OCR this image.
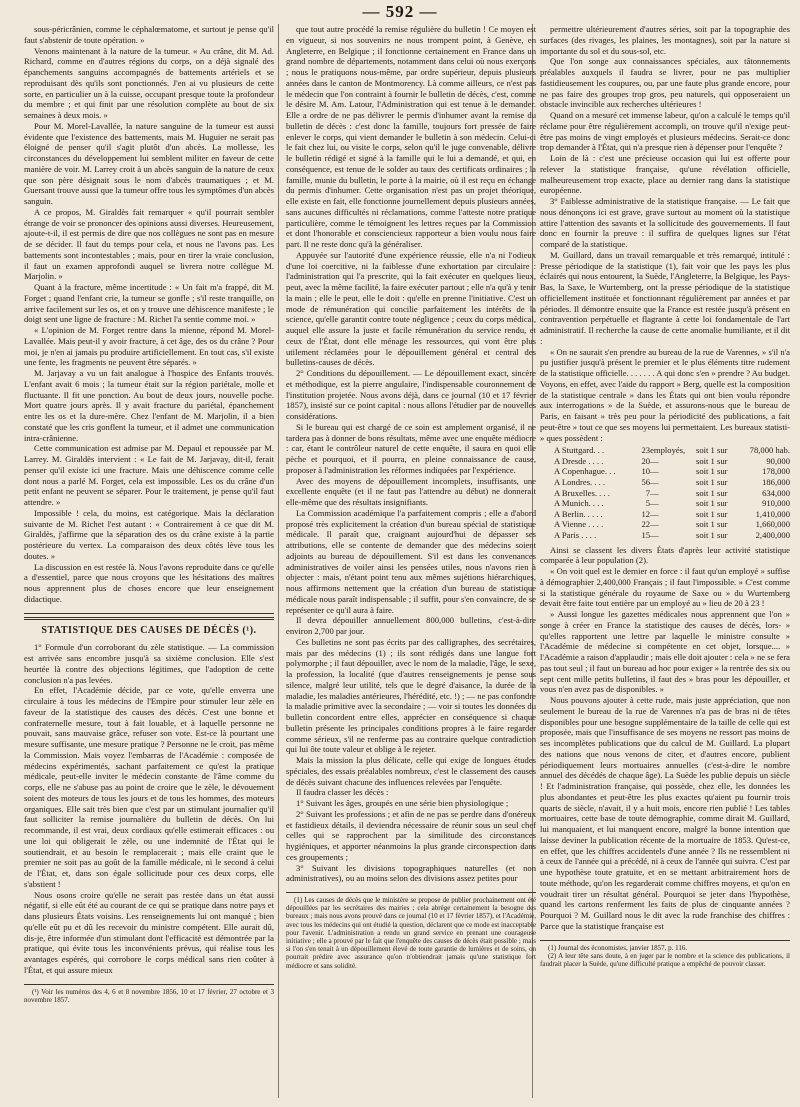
— 592 —

sous-péricrânien, comme le céphalœmatome, et surtout je pense qu'il faut s'abstenir de toute opération. »

Venons maintenant à la nature de la tumeur. « Au crâne, dit M. Ad. Richard, comme en d'autres régions du corps, on a déjà signalé des épanchements sanguins accompagnés de battements artériels et se reproduisant dès qu'ils sont ponctionnés. J'en ai vu plusieurs de cette sorte, en particulier un à la cuisse, occupant presque toute la profondeur du membre ; et qui finit par une résolution complète au bout de six semaines à deux mois. »

Pour M. Morel-Lavallée, la nature sanguine de la tumeur est aussi évidente que l'existence des battements, mais M. Huguier ne serait pas éloigné de penser qu'il s'agit plutôt d'un abcès. La mollesse, les circonstances du développement lui semblent militer en faveur de cette manière de voir. M. Larrey croit à un abcès sanguin de la nature de ceux que son père désignait sous le nom d'abcès traumatiques ; et M. Guersant trouve aussi que la tumeur offre tous les symptômes d'un abcès sanguin.

A ce propos, M. Giraldès fait remarquer « qu'il pourrait sembler étrange de voir se prononcer des opinions aussi diverses. Heureusement, ajoute-t-il, il est permis de dire que nos collègues ne sont pas en mesure de se décider. Il faut du temps pour cela, et nous ne l'avons pas. Les battements sont incontestables ; mais, pour en tirer la vraie conclusion, il faut un examen approfondi auquel se livrera notre collègue M. Marjolin. »

Quant à la fracture, même incertitude : « Un fait m'a frappé, dit M. Forget ; quand l'enfant crie, la tumeur se gonfle ; s'il reste tranquille, on arrive facilement sur les os, et on y trouve une déhiscence manifeste ; le doigt sent une ligne de fracture : M. Richet l'a sentie comme moi. »

« L'opinion de M. Forget rentre dans la mienne, répond M. Morel-Lavallée. Mais peut-il y avoir fracture, à cet âge, des os du crâne ? Pour moi, je n'en ai jamais pu produire artificiellement. En tout cas, s'il existe une fente, les fragments ne peuvent être séparés. »

M. Jarjavay a vu un fait analogue à l'hospice des Enfants trouvés. L'enfant avait 6 mois ; la tumeur était sur la région pariétale, molle et fluctuante. Il fit une ponction. Au bout de deux jours, nouvelle poche. Mort quatre jours après. Il y avait fracture du pariétal, épanchement entre les os et la dure-mère. Chez l'enfant de M. Marjolin, il a bien constaté que les cris gonflent la tumeur, et il admet une communication intra-crânienne.

Cette communication est admise par M. Depaul et repoussée par M. Larrey. M. Giraldès intervient : « Le fait de M. Jarjavay, dit-il, ferait penser qu'il existe ici une fracture. Mais une déhiscence comme celle dont nous a parlé M. Forget, cela est impossible. Les os du crâne d'un petit enfant ne peuvent se séparer. Pour le traitement, je pense qu'il faut attendre. »

Impossible ! cela, du moins, est catégorique. Mais la déclaration suivante de M. Richet l'est autant : « Contrairement à ce que dit M. Giraldès, j'affirme que la séparation des os du crâne existe à la partie postérieure du vertex. La comparaison des deux côtés lève tous les doutes. »

La discussion en est restée là. Nous l'avons reproduite dans ce qu'elle a d'essentiel, parce que nous croyons que les hésitations des maîtres nous apprennent plus de choses encore que leur enseignement didactique.

STATISTIQUE DES CAUSES DE DÉCÈS (¹).

1° Formule d'un corroborant du zèle statistique. — La commission est arrivée sans encombre jusqu'à sa sixième conclusion. Elle s'est heurtée là contre des objections légitimes, que l'adoption de cette conclusion n'a pas levées.

En effet, l'Académie décide, par ce vote, qu'elle enverra une circulaire à tous les médecins de l'Empire pour stimuler leur zèle en faveur de la statistique des causes des décès. C'est une bonne et confraternelle mesure, tout à fait louable, et à laquelle personne ne pouvait, sans mauvaise grâce, refuser son vote. Est-ce là pourtant une mesure suffisante, une mesure pratique ? Personne ne le croit, pas même la Commission. Mais voyez l'embarras de l'Académie : composée de médecins expérimentés, sachant parfaitement ce qu'est la pratique médicale, peut-elle inviter le médecin constante de l'âme comme du corps, elle ne s'abuse pas au point de croire que le zèle, le dévouement soient des moteurs de tous les jours et de tous les hommes, des moteurs organiques. Elle sait très bien que c'est par un stimulant journalier qu'il faut solliciter la remise journalière du bulletin de décès. On lui recommande, il est vrai, deux cordiaux qu'elle estimerait efficaces : ou une loi qui obligerait le zèle, ou une indemnité de l'État qui le soutiendrait, et au besoin le remplacerait ; mais elle craint que le premier ne soit pas au goût de la famille médicale, ni le second à celui de l'État, et, dans son égale sollicitude pour ces deux corps, elle s'abstient !

Nous osons croire qu'elle ne serait pas restée dans un état aussi négatif, si elle eût été au courant de ce qui se pratique dans notre pays et dans plusieurs États voisins. Les renseignements lui ont manqué ; bien qu'elle eût pu et dû les recevoir du ministre compétent. Elle aurait dû, dis-je, être informée d'un stimulant dont l'efficacité est démontrée par la pratique, qui évite tous les inconvénients prévus, qui réalise tous les avantages espérés, qui corrobore le corps médical sans rien coûter à l'État, et qui assure mieux

(¹) Voir les numéros des 4, 6 et 8 novembre 1856, 10 et 17 février, 27 octobre et 3 novembre 1857.

que tout autre procédé la remise régulière du bulletin ! Ce moyen est en vigueur, si nos souvenirs ne nous trompent point, à Genève, en Angleterre, en Belgique ; il fonctionne certainement en France dans un grand nombre de départements, notamment dans celui où nous exerçons ; nous le pratiquons nous-même, par ordre supérieur, depuis plusieurs années dans le canton de Montmorency. Là comme ailleurs, ce n'est pas le médecin que l'on contraint à fournir le bulletin de décès, c'est, comme le désire M. Am. Latour, l'Administration qui est tenue à le demander. Elle a ordre de ne pas délivrer le permis d'inhumer avant la remise du bulletin de décès : c'est donc la famille, toujours fort pressée de faire enlever le corps, qui vient demander le bulletin à son médecin. Celui-ci le fait chez lui, ou visite le corps, selon qu'il le juge convenable, délivre le bulletin rédigé et signé à la famille qui le lui a demandé, et qui, en conséquence, est tenue de le solder au taux des certificats ordinaires ; la famille, munie du bulletin, le porte à la mairie, où il est reçu en échange du permis d'inhumer. Cette organisation n'est pas un projet théorique, elle existe en fait, elle fonctionne journellement depuis plusieurs années, sans aucunes difficultés ni réclamations, comme l'atteste notre pratique particulière, comme le témoignent les lettres reçues par la Commission et dont l'honorable et consciencieux rapporteur a bien voulu nous faire part. Il ne reste donc qu'à la généraliser.

Appuyée sur l'autorité d'une expérience réussie, elle n'a ni l'odieux d'une loi coercitive, ni la faiblesse d'une exhortation par circulaire : l'administration qui l'a prescrite, qui la fait exécuter en quelques lieux, peut, avec la même facilité, la faire exécuter partout ; elle n'a qu'à y tenir la main ; elle le peut, elle le doit : qu'elle en prenne l'initiative. C'est un mode de rémunération qui concilie parfaitement les intérêts de la science, qu'elle garantit contre toute négligence ; ceux du corps médical, auquel elle assure la juste et facile rémunération du service rendu, et ceux de l'État, dont elle ménage les ressources, qui vont être plus utilement réclamées pour le dépouillement général et central des bulletins-causes de décès.

2° Conditions du dépouillement. — Le dépouillement exact, sincère et méthodique, est la pierre angulaire, l'indispensable couronnement de l'institution projetée. Nous avons déjà, dans ce journal (10 et 17 février 1857), insisté sur ce point capital : nous allons l'étudier par de nouvelles considérations.

Si le bureau qui est chargé de ce soin est amplement organisé, il ne tardera pas à donner de bons résultats, même avec une enquête médiocre : car, étant le contrôleur naturel de cette enquête, il saura en quoi elle pèche et pourquoi, et il pourra, en pleine connaissance de cause, proposer à l'administration les réformes indiquées par l'expérience.

Avec des moyens de dépouillement incomplets, insuffisants, une excellente enquête (et il ne faut pas l'attendre au début) ne donnerait elle-même que des résultats insignifiants.

La Commission académique l'a parfaitement compris ; elle a d'abord proposé très explicitement la création d'un bureau spécial de statistique médicale. Il paraît que, craignant aujourd'hui de dépasser ses attributions, elle se contente de demander que des médecins soient adjoints au bureau de dépouillement. S'il est dans les convenances administratives de voiler ainsi les pensées utiles, nous n'avons rien à objecter : mais, n'étant point tenu aux mêmes sujétions hiérarchiques, nous affirmons nettement que la création d'un bureau de statistique médicale nous paraît indispensable ; il suffit, pour s'en convaincre, de se représenter ce qu'il aura à faire.

Il devra dépouiller annuellement 800,000 bulletins, c'est-à-dire environ 2,700 par jour.

Ces bulletins ne sont pas écrits par des calligraphes, des secrétaires, mais par des médecins (1) ; ils sont rédigés dans une langue fort polymorphe ; il faut dépouiller, avec le nom de la maladie, l'âge, le sexe, la profession, la localité (que d'autres renseignements je pense sous silence, malgré leur utilité, tels que le degré d'aisance, la durée de la maladie, les maladies antérieures, l'hérédité, etc. !) ; — ne pas confondre la maladie primitive avec la secondaire ; — voir si toutes les données du bulletin concordent entre elles, apprécier en conséquence si chaque bulletin présente les principales conditions propres à le faire regarder comme sérieux, s'il ne renferme pas au contraire quelque contradiction qui lui ôte toute valeur et oblige à le rejeter.

Mais la mission la plus délicate, celle qui exige de longues études spéciales, des essais préalables nombreux, c'est le classement des causes de décès suivant chacune des influences relevées par l'enquête.

Il faudra classer les décès :

1° Suivant les âges, groupés en une série bien physiologique ;

2° Suivant les professions ; et afin de ne pas se perdre dans d'onéreux et fastidieux détails, il deviendra nécessaire de réunir sous un seul chef celles qui se rapprochent par la similitude des circonstances hygiéniques, et apporter néanmoins la plus grande circonspection dans ces groupements ;

3° Suivant les divisions topographiques naturelles (et non administratives), ou au moins selon des divisions assez petites pour

(1) Les causes de décès que le ministère se propose de publier prochainement ont été dépouillées par les secrétaires des mairies ; cela abrège certainement la besogne des bureaux ; mais nous avons prouvé dans ce journal (10 et 17 février 1857), et l'Académie, avec tous les médecins qui ont étudié la question, déclarent que ce mode est inacceptable pour l'avenir. L'administration a rendu un grand service en prenant une courageuse initiative ; elle a prouvé par le fait que l'enquête des causes de décès était possible ; mais si l'on s'en tenait à un dépouillement élevé de toute garantie de lumières et de soins, on pourrait prédire avec assurance qu'on n'obtiendrait jamais qu'une statistique fort médiocre et sans solidité.

permettre ultérieurement d'autres séries, soit par la topographie des surfaces (des rivages, les plaines, les montagnes), soit par la nature si importante du sol et du sous-sol, etc.

Que l'on songe aux connaissances spéciales, aux tâtonnements préalables auxquels il faudra se livrer, pour ne pas multiplier fastidieusement les coupures, ou, par une faute plus grande encore, pour ne pas faire des groupes trop gros, peu naturels, qui opposeraient un obstacle invincible aux recherches ultérieures !

Quand on a mesuré cet immense labeur, qu'on a calculé le temps qu'il réclame pour être régulièrement accompli, on trouve qu'il n'exige peut-être pas moins de vingt employés et plusieurs médecins. Serait-ce donc trop demander à l'État, qui n'a presque rien à dépenser pour l'enquête ?

Loin de là : c'est une précieuse occasion qui lui est offerte pour relever la statistique française, qu'une révélation officielle, malheureusement trop exacte, place au dernier rang dans la statistique européenne.

3° Faiblesse administrative de la statistique française. — Le fait que nous dénonçons ici est grave, grave surtout au moment où la statistique attire l'attention des savants et la sollicitude des gouvernements. Il faut donc en fournir la preuve : il suffira de quelques lignes sur l'état comparé de la statistique.

M. Guillard, dans un travail remarquable et très remarqué, intitulé : Presse périodique de la statistique (1), fait voir que les pays les plus éclairés qui nous entourent, la Suède, l'Angleterre, la Belgique, les Pays-Bas, la Saxe, le Wurtemberg, ont la presse périodique de la statistique officiellement instituée et fonctionnant régulièrement par années et par périodes. Il démontre ensuite que la France est restée jusqu'à présent en contravention perpétuelle et flagrante à cette loi fondamentale de l'art administratif. Il recherche la cause de cette anomalie humiliante, et il dit :

« On ne saurait s'en prendre au bureau de la rue de Varennes, » s'il n'a pu justifier jusqu'à présent le premier et le plus éléments titre rudement de la statistique officielle. . . . . . . A qui donc s'en » prendre ? Au budget. Voyons, en effet, avec l'aide du rapport » Berg, quelle est la composition de la statistique centrale » dans les États qui ont bien voulu répondre aux interrogations » de la Suède, et assurons-nous que le bureau de Paris, en faisant » très peu pour la périodicité des publications, a fait peut-être » tout ce que ses moyens lui permettaient. Les bureaux statisti- » ques possèdent :

A Stuttgard. . .	23	employés,	soit 1 sur	78,000 hab.
A Dresde . . . .	20	—	soit 1 sur	90,000
A Copenhague. . .	10	—	soit 1 sur	178,000
A Londres. . . .	56	—	soit 1 sur	186,000
A Bruxelles. . . .	7	—	soit 1 sur	634,000
A Munich. . . .	5	—	soit 1 sur	910,000
A Berlin. . . . .	12	—	soit 1 sur	1,410,000
A Vienne . . . .	22	—	soit 1 sur	1,660,000
A Paris . . . .	15	—	soit 1 sur	2,400,000

Ainsi se classent les divers États d'après leur activité statistique comparée à leur population (2).

« On voit quel est le dernier en force : il faut qu'un employé » suffise à démographier 2,400,000 Français ; il faut l'impossible. » C'est comme si la statistique générale du royaume de Saxe ou » du Wurtemberg devait être faite tout entière par un employé au » lieu de 20 à 23 !

» Aussi longue les gazettes médicales nous apprennent que l'on » songe à créer en France la statistique des causes de décès, lors- » qu'elles rapportent une lettre par laquelle le ministre consulte » l'Académie de médecine si compétente en cet objet, lorsque.... » l'Académie a raison d'applaudir ; mais elle doit ajouter : cela » ne se fera pas tout seul ; il faut un bureau ad hoc pour exiger » la rentrée des six ou sept cent mille petits bulletins, il faut des » bras pour les dépouiller, et vous n'en avez pas de disponibles. »

Nous pouvons ajouter à cette rude, mais juste appréciation, que non seulement le bureau de la rue de Varennes n'a pas de bras ni de têtes disponibles pour une besogne supplémentaire de la taille de celle qui est proposée, mais que l'insuffisance de ses moyens ne ressort pas moins de ses incomplètes publications que du calcul de M. Guillard. La plupart des nations que nous venons de citer, et d'autres encore, publient périodiquement leurs mortuaires annuelles (c'est-à-dire le nombre annuel des décédés de chaque âge). La Suède les publie depuis un siècle ! Et l'administration française, qui possède, chez elle, les données les plus abondantes et peut-être les plus exactes qu'aient pu fournir trois quarts de siècle, n'avait, il y a huit mois, encore rien publié ! Les tables mortuaires, cette base de toute démographie, comme dirait M. Guillard, lui manquaient, et lui manquent encore, malgré la bonne intention que laisse deviner la publication récente de la mortuaire de 1853. Qu'est-ce, en effet, que les chiffres accidentels d'une année ? Ils ne ressemblent ni à ceux de l'année qui a précédé, ni à ceux de l'année qui suivra. C'est par une hypothèse toute gratuite, et en se mettant arbitrairement hors de toute méthode, qu'on les regarderait comme chiffres moyens, et qu'on en voudrait tirer un résultat général. Pourquoi se jeter dans l'hypothèse, quand les cartons renferment les faits de plus de cinquante années ? Pourquoi ? M. Guillard nous le dit avec la rude franchise des chiffres : Parce que la statistique française est

(1) Journal des économistes, janvier 1857, p. 116.

(2) A leur tête sans doute, à en juger par le nombre et la science des publications, il faudrait placer la Suède, qu'une difficulté pratique a empêché de pouvoir classer.
